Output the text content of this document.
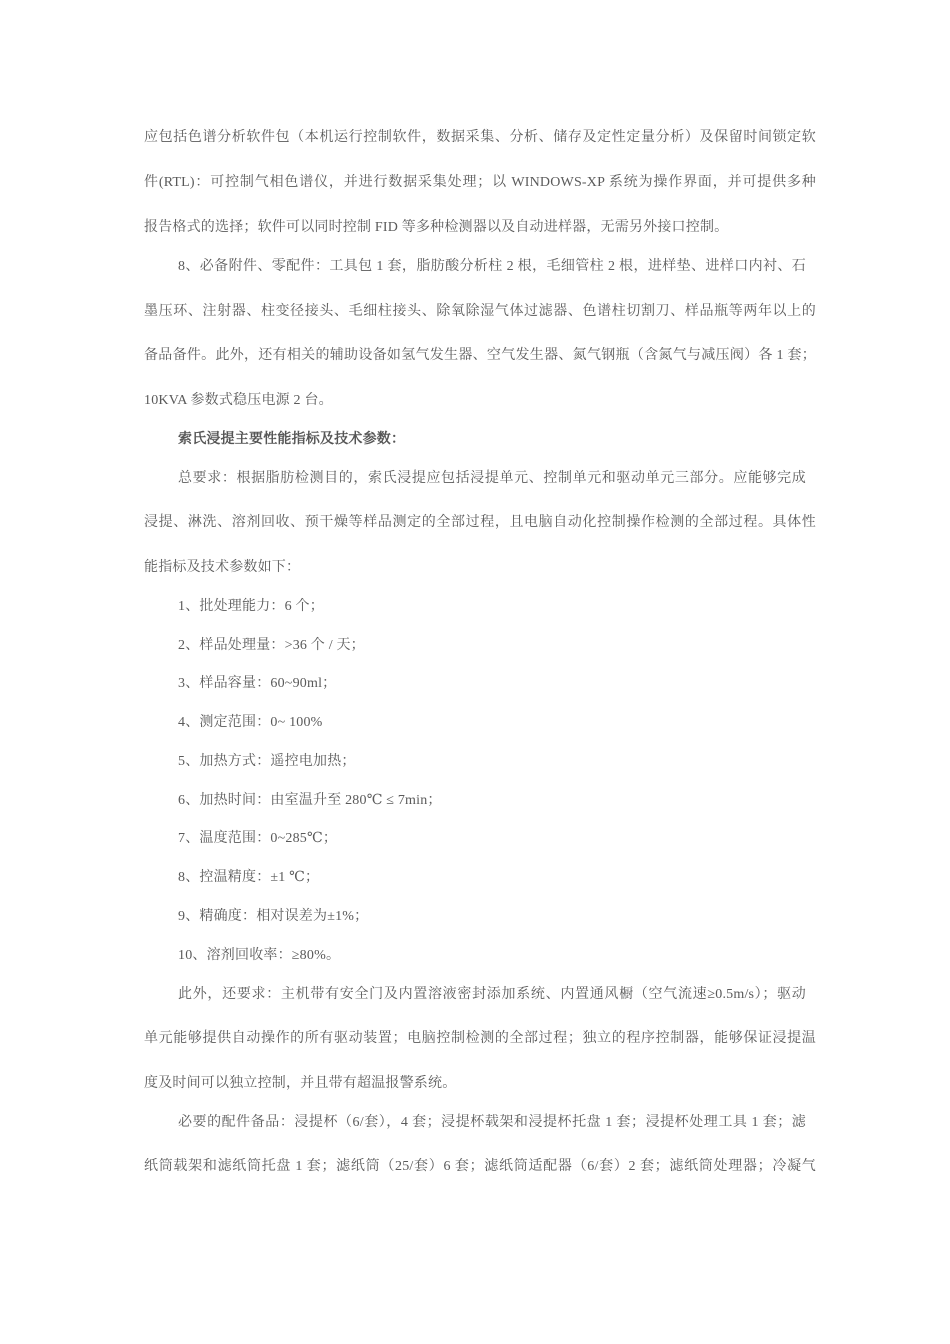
应包括色谱分析软件包（本机运行控制软件，数据采集、分析、储存及定性定量分析）及保留时间锁定软
件(RTL)：可控制气相色谱仪，并进行数据采集处理；以 WINDOWS-XP 系统为操作界面，并可提供多种
报告格式的选择；软件可以同时控制 FID 等多种检测器以及自动进样器，无需另外接口控制。
8、必备附件、零配件：工具包 1 套，脂肪酸分析柱 2 根，毛细管柱 2 根，进样垫、进样口内衬、石
墨压环、注射器、柱变径接头、毛细柱接头、除氧除湿气体过滤器、色谱柱切割刀、样品瓶等两年以上的
备品备件。此外，还有相关的辅助设备如氢气发生器、空气发生器、氮气钢瓶（含氮气与减压阀）各 1 套；
10KVA 参数式稳压电源 2 台。
索氏浸提主要性能指标及技术参数：
总要求：根据脂肪检测目的，索氏浸提应包括浸提单元、控制单元和驱动单元三部分。应能够完成
浸提、淋洗、溶剂回收、预干燥等样品测定的全部过程，且电脑自动化控制操作检测的全部过程。具体性
能指标及技术参数如下：
1、批处理能力：6 个；
2、样品处理量：>36 个 / 天；
3、样品容量：60~90ml；
4、测定范围：0~ 100%
5、加热方式：遥控电加热；
6、加热时间：由室温升至 280℃ ≤ 7min；
7、温度范围：0~285℃；
8、控温精度：±1 ℃；
9、精确度：相对误差为±1%；
10、溶剂回收率：≥80%。
此外，还要求：主机带有安全门及内置溶液密封添加系统、内置通风橱（空气流速≥0.5m/s）；驱动
单元能够提供自动操作的所有驱动装置；电脑控制检测的全部过程；独立的程序控制器，能够保证浸提温
度及时间可以独立控制，并且带有超温报警系统。
必要的配件备品：浸提杯（6/套），4 套；浸提杯载架和浸提杯托盘 1 套；浸提杯处理工具 1 套；滤
纸筒载架和滤纸筒托盘 1 套；滤纸筒（25/套）6 套；滤纸筒适配器（6/套）2 套；滤纸筒处理器；冷凝气
